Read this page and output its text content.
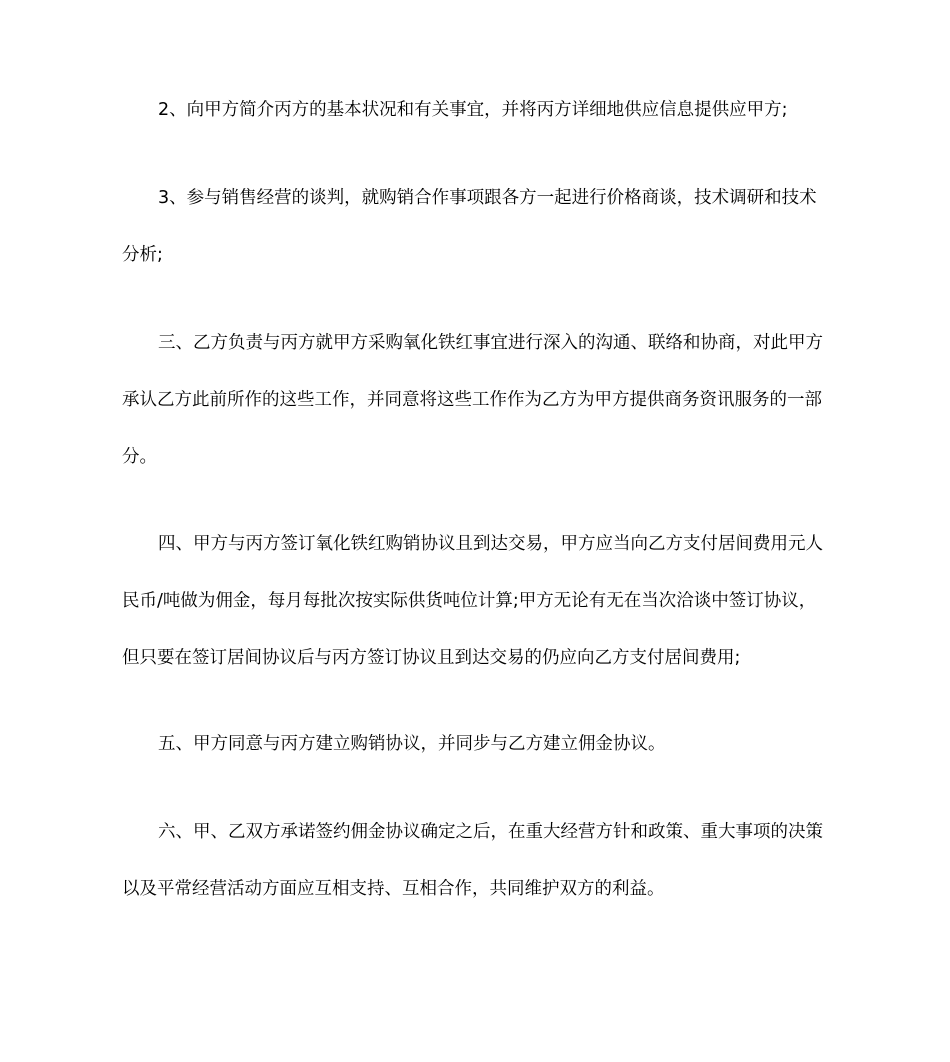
2、向甲方简介丙方的基本状况和有关事宜，并将丙方详细地供应信息提供应甲方;

3、参与销售经营的谈判，就购销合作事项跟各方一起进行价格商谈，技术调研和技术分析;

三、乙方负责与丙方就甲方采购氧化铁红事宜进行深入的沟通、联络和协商，对此甲方承认乙方此前所作的这些工作，并同意将这些工作作为乙方为甲方提供商务资讯服务的一部分。

四、甲方与丙方签订氧化铁红购销协议且到达交易，甲方应当向乙方支付居间费用元人民币/吨做为佣金，每月每批次按实际供货吨位计算;甲方无论有无在当次洽谈中签订协议，但只要在签订居间协议后与丙方签订协议且到达交易的仍应向乙方支付居间费用;

五、甲方同意与丙方建立购销协议，并同步与乙方建立佣金协议。

六、甲、乙双方承诺签约佣金协议确定之后，在重大经营方针和政策、重大事项的决策以及平常经营活动方面应互相支持、互相合作，共同维护双方的利益。
